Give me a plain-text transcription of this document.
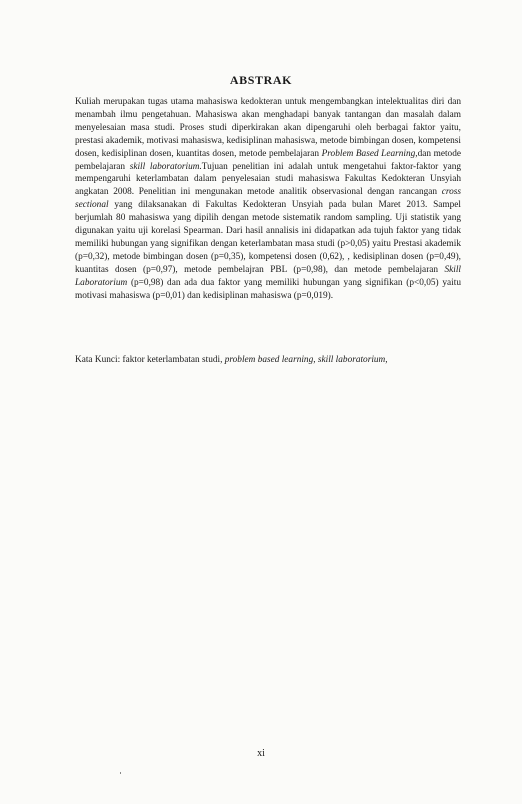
ABSTRAK

Kuliah merupakan tugas utama mahasiswa kedokteran untuk mengembangkan intelektualitas diri dan menambah ilmu pengetahuan. Mahasiswa akan menghadapi banyak tantangan dan masalah dalam menyelesaian masa studi. Proses studi diperkirakan akan dipengaruhi oleh berbagai faktor yaitu, prestasi akademik, motivasi mahasiswa, kedisiplinan mahasiswa, metode bimbingan dosen, kompetensi dosen, kedisiplinan dosen, kuantitas dosen, metode pembelajaran Problem Based Learning,dan metode pembelajaran skill laboratorium.Tujuan penelitian ini adalah untuk mengetahui faktor-faktor yang mempengaruhi keterlambatan dalam penyelesaian studi mahasiswa Fakultas Kedokteran Unsyiah angkatan 2008. Penelitian ini mengunakan metode analitik observasional dengan rancangan cross sectional yang dilaksanakan di Fakultas Kedokteran Unsyiah pada bulan Maret 2013. Sampel berjumlah 80 mahasiswa yang dipilih dengan metode sistematik random sampling. Uji statistik yang digunakan yaitu uji korelasi Spearman. Dari hasil annalisis ini didapatkan ada tujuh faktor yang tidak memiliki hubungan yang signifikan dengan keterlambatan masa studi (p>0,05) yaitu Prestasi akademik (p=0,32), metode bimbingan dosen (p=0,35), kompetensi dosen (0,62), , kedisiplinan dosen (p=0,49), kuantitas dosen (p=0,97), metode pembelajran PBL (p=0,98), dan metode pembelajaran Skill Laboratorium (p=0,98) dan ada dua faktor yang memiliki hubungan yang signifikan (p<0,05) yaitu motivasi mahasiswa (p=0,01) dan kedisiplinan mahasiswa (p=0,019).

Kata Kunci: faktor keterlambatan studi, problem based learning, skill laboratorium,
xi
